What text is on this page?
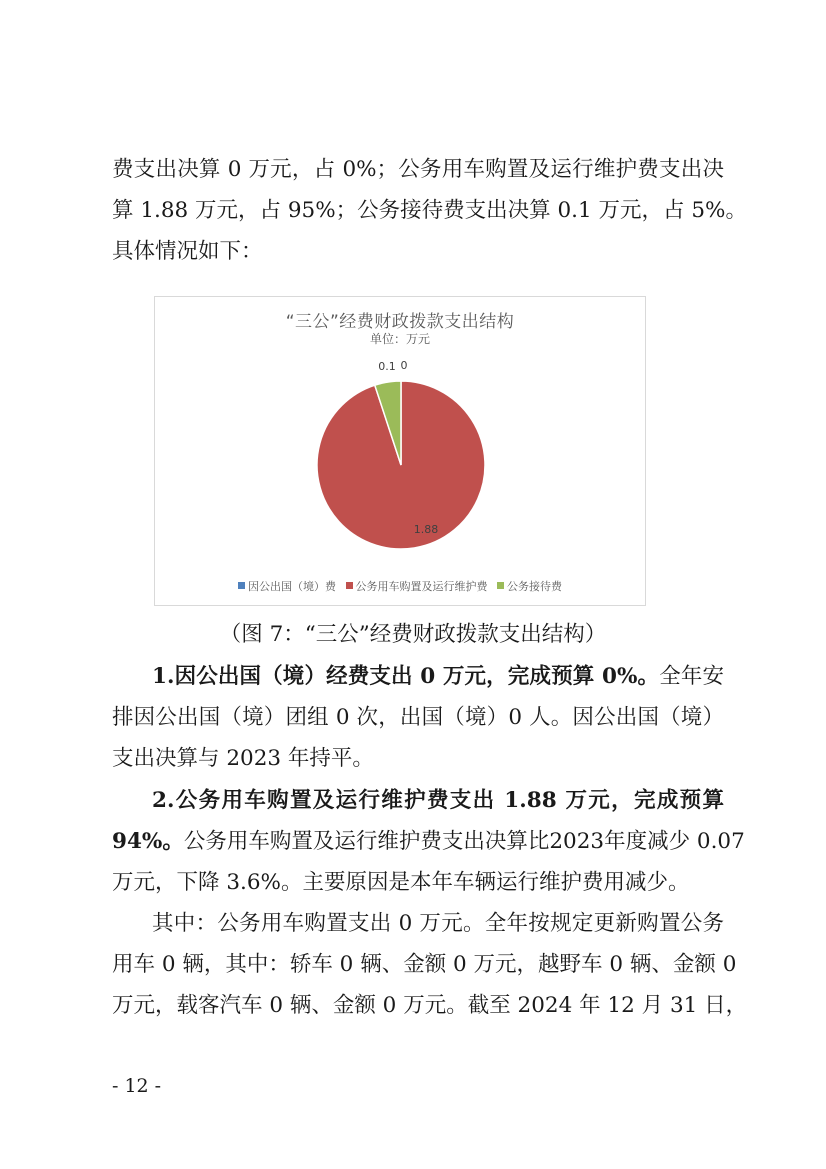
费支出决算 0 万元，占 0%；公务用车购置及运行维护费支出决
算 1.88 万元，占 95%；公务接待费支出决算 0.1 万元，占 5%。
具体情况如下：
“三公”经费财政拨款支出结构
单位：万元
0
1.88
0.1
因公出国（境）费 公务用车购置及运行维护费 公务接待费
（图 7：“三公”经费财政拨款支出结构）
1.因公出国（境）经费支出 0 万元，完成预算 0%。全年安
排因公出国（境）团组 0 次，出国（境）0 人。因公出国（境）
支出决算与 2023 年持平。
2.公务用车购置及运行维护费支出 1.88 万元，完成预算
94%。公务用车购置及运行维护费支出决算比2023年度减少 0.07
万元，下降 3.6%。主要原因是本年车辆运行维护费用减少。
其中：公务用车购置支出 0 万元。全年按规定更新购置公务
用车 0 辆，其中：轿车 0 辆、金额 0 万元，越野车 0 辆、金额 0
万元，载客汽车 0 辆、金额 0 万元。截至 2024 年 12 月 31 日，
- 12 -
